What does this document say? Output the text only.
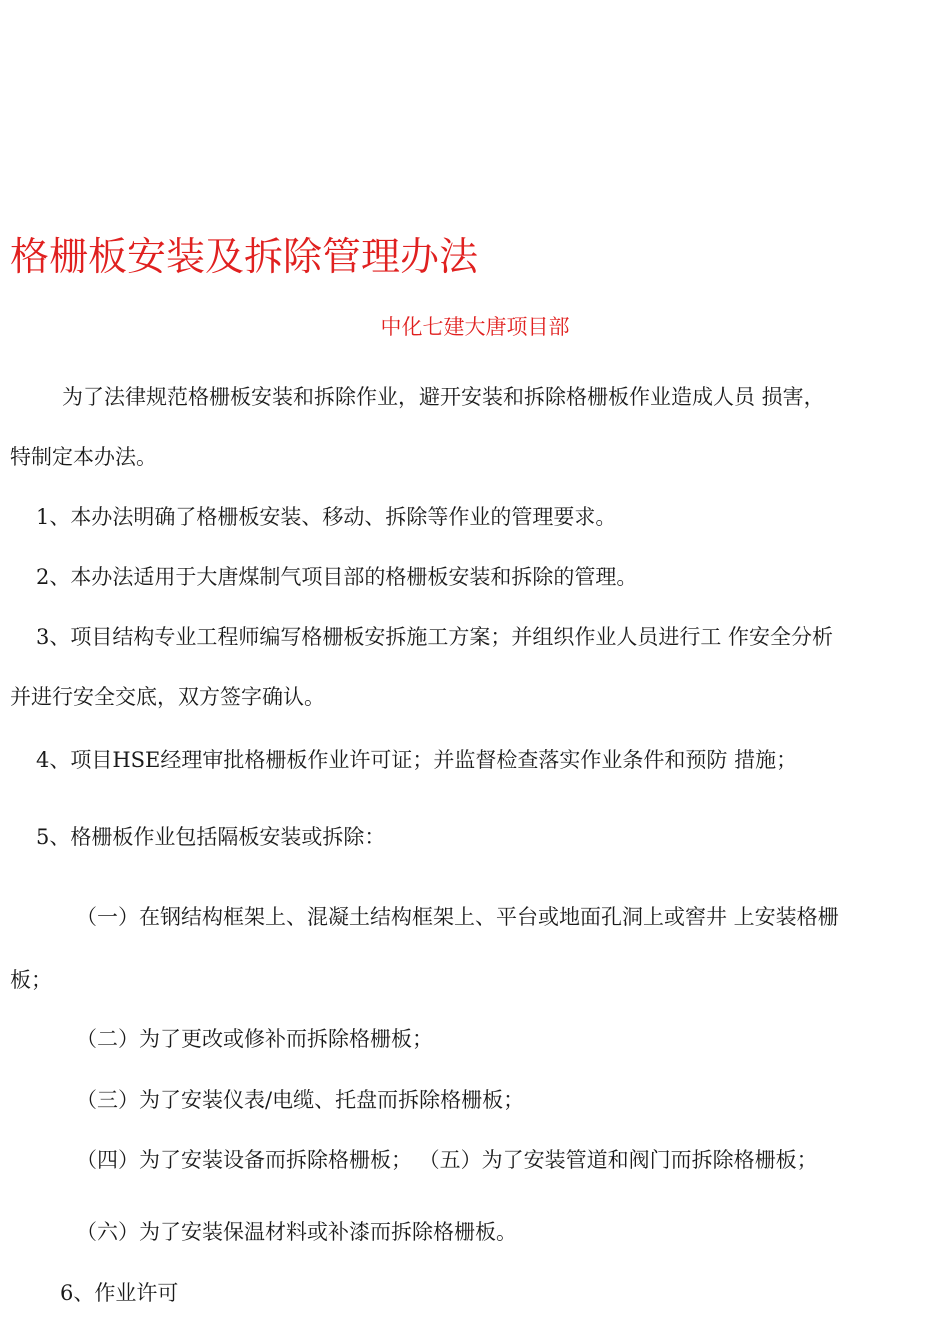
格栅板安装及拆除管理办法
中化七建大唐项目部
为了法律规范格栅板安装和拆除作业，避开安装和拆除格栅板作业造成人员 损害，
特制定本办法。
1、本办法明确了格栅板安装、移动、拆除等作业的管理要求。
2、本办法适用于大唐煤制气项目部的格栅板安装和拆除的管理。
3、项目结构专业工程师编写格栅板安拆施工方案；并组织作业人员进行工 作安全分析
并进行安全交底，双方签字确认。
4、项目HSE经理审批格栅板作业许可证；并监督检查落实作业条件和预防 措施；
5、格栅板作业包括隔板安装或拆除：
（一）在钢结构框架上、混凝土结构框架上、平台或地面孔洞上或窖井 上安装格栅
板；
（二）为了更改或修补而拆除格栅板；
（三）为了安装仪表/电缆、托盘而拆除格栅板；
（四）为了安装设备而拆除格栅板； （五）为了安装管道和阀门而拆除格栅板；
（六）为了安装保温材料或补漆而拆除格栅板。
6、作业许可
